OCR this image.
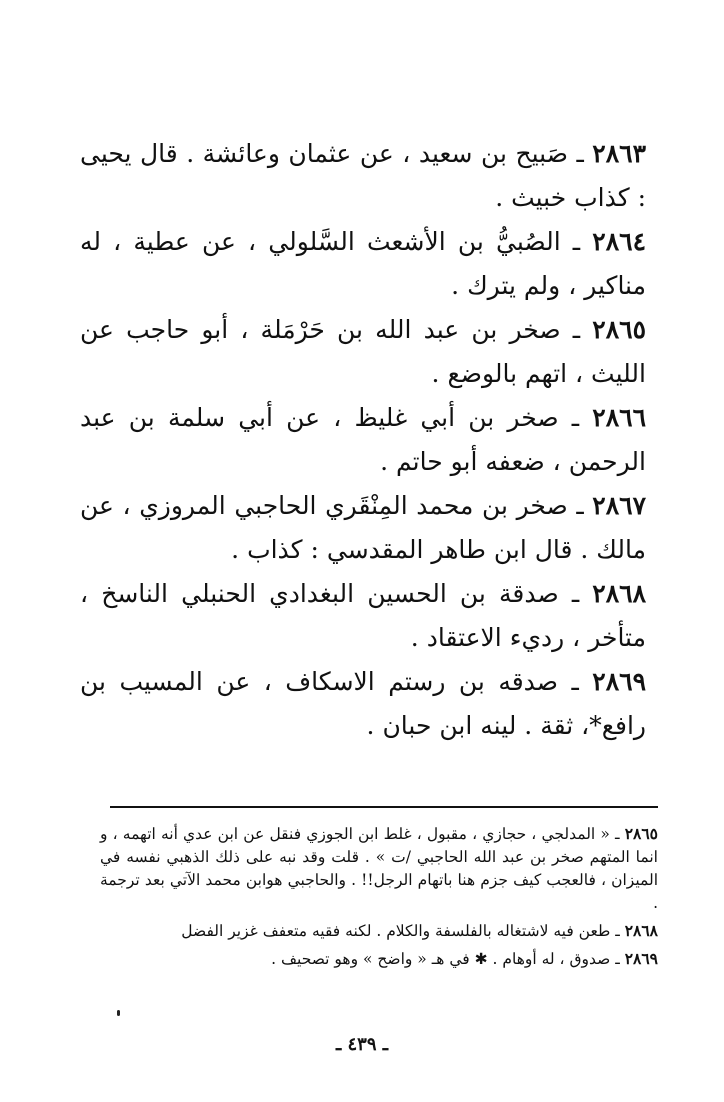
٢٨٦٣ ـ صَبيح بن سعيد ، عن عثمان وعائشة . قال يحيى : كذاب خبيث .

٢٨٦٤ ـ الصُبيُّ بن الأشعث السَّلولي ، عن عطية ، له مناكير ، ولم يترك .

٢٨٦٥ ـ صخر بن عبد الله بن حَرْمَلة ، أبو حاجب عن الليث ، اتهم بالوضع .

٢٨٦٦ ـ صخر بن أبي غليظ ، عن أبي سلمة بن عبد الرحمن ، ضعفه أبو حاتم .

٢٨٦٧ ـ صخر بن محمد المِنْقَري الحاجبي المروزي ، عن مالك . قال ابن طاهر المقدسي : كذاب .

٢٨٦٨ ـ صدقة بن الحسين البغدادي الحنبلي الناسخ ، متأخر ، رديء الاعتقاد .

٢٨٦٩ ـ صدقه بن رستم الاسكاف ، عن المسيب بن رافع*، ثقة . لينه ابن حبان .

٢٨٦٥ ـ « المدلجي ، حجازي ، مقبول ، غلط ابن الجوزي فنقل عن ابن عدي أنه اتهمه ، و انما المتهم صخر بن عبد الله الحاجبي /ت » . قلت وقد نبه على ذلك الذهبي نفسه في الميزان ، فالعجب كيف جزم هنا باتهام الرجل!! . والحاجبي هوابن محمد الآتي بعد ترجمة .

٢٨٦٨ ـ طعن فيه لاشتغاله بالفلسفة والكلام . لكنه فقيه متعفف غزير الفضل

٢٨٦٩ ـ صدوق ، له أوهام . ✱ في هـ « واضح » وهو تصحيف .

ـ ٤٣٩ ـ
